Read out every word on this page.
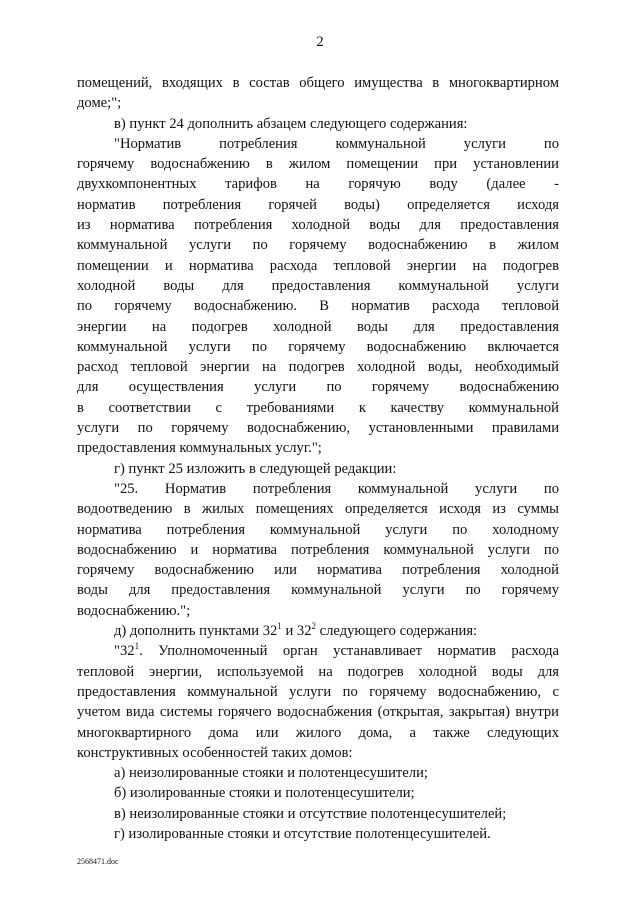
2
помещений, входящих в состав общего имущества в многоквартирном
доме;";
в) пункт 24 дополнить абзацем следующего содержания:
"Норматив потребления коммунальной услуги по
горячему водоснабжению в жилом помещении при установлении
двухкомпонентных тарифов на горячую воду (далее -
норматив потребления горячей воды) определяется исходя
из норматива потребления холодной воды для предоставления
коммунальной услуги по горячему водоснабжению в жилом
помещении и норматива расхода тепловой энергии на подогрев
холодной воды для предоставления коммунальной услуги
по горячему водоснабжению. В норматив расхода тепловой
энергии на подогрев холодной воды для предоставления
коммунальной услуги по горячему водоснабжению включается
расход тепловой энергии на подогрев холодной воды, необходимый
для осуществления услуги по горячему водоснабжению
в соответствии с требованиями к качеству коммунальной
услуги по горячему водоснабжению, установленными правилами
предоставления коммунальных услуг.";
г) пункт 25 изложить в следующей редакции:
"25. Норматив потребления коммунальной услуги по
водоотведению в жилых помещениях определяется исходя из суммы
норматива потребления коммунальной услуги по холодному
водоснабжению и норматива потребления коммунальной услуги по
горячему водоснабжению или норматива потребления холодной
воды для предоставления коммунальной услуги по горячему
водоснабжению.";
д) дополнить пунктами $32^1$ и $32^2$ следующего содержания:
"$32^1$. Уполномоченный орган устанавливает норматив расхода
тепловой энергии, используемой на подогрев холодной воды для
предоставления коммунальной услуги по горячему водоснабжению, с
учетом вида системы горячего водоснабжения (открытая, закрытая) внутри
многоквартирного дома или жилого дома, а также следующих
конструктивных особенностей таких домов:
а) неизолированные стояки и полотенцесушители;
б) изолированные стояки и полотенцесушители;
в) неизолированные стояки и отсутствие полотенцесушителей;
г) изолированные стояки и отсутствие полотенцесушителей.
2568471.doc
